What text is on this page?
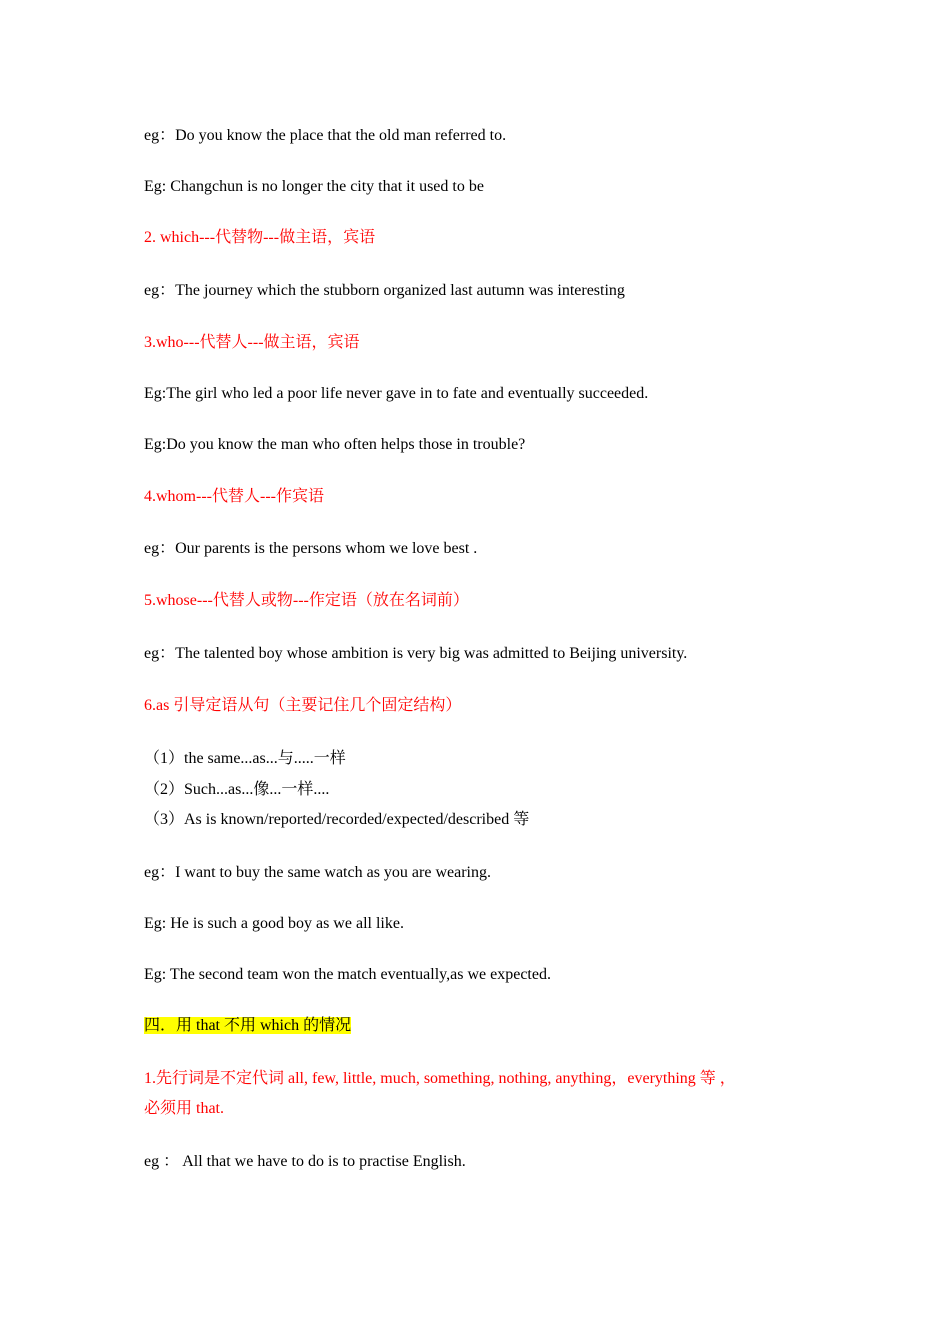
eg：Do you know the place that the old man referred to.
Eg: Changchun is no longer the city that it used to be
2. which---代替物---做主语，宾语
eg：The journey which the stubborn organized last autumn was interesting
3.who---代替人---做主语，宾语
Eg:The girl who led a poor life never gave in to fate and eventually succeeded.
Eg:Do you know the man who often helps those in trouble?
4.whom---代替人---作宾语
eg：Our parents is the persons whom we love best .
5.whose---代替人或物---作定语（放在名词前）
eg：The talented boy whose ambition is very big was admitted to Beijing university.
6.as 引导定语从句（主要记住几个固定结构）
（1）the same...as...与.....一样
（2）Such...as...像...一样....
（3）As is known/reported/recorded/expected/described 等
eg：I want to buy the same watch as you are wearing.
Eg: He is such a good boy as we all like.
Eg: The second team won the match eventually,as we expected.
四．用 that 不用 which 的情况
1.先行词是不定代词 all, few, little, much, something, nothing, anything，everything 等 ，
必须用 that.
eg ： All that we have to do is to practise English.
